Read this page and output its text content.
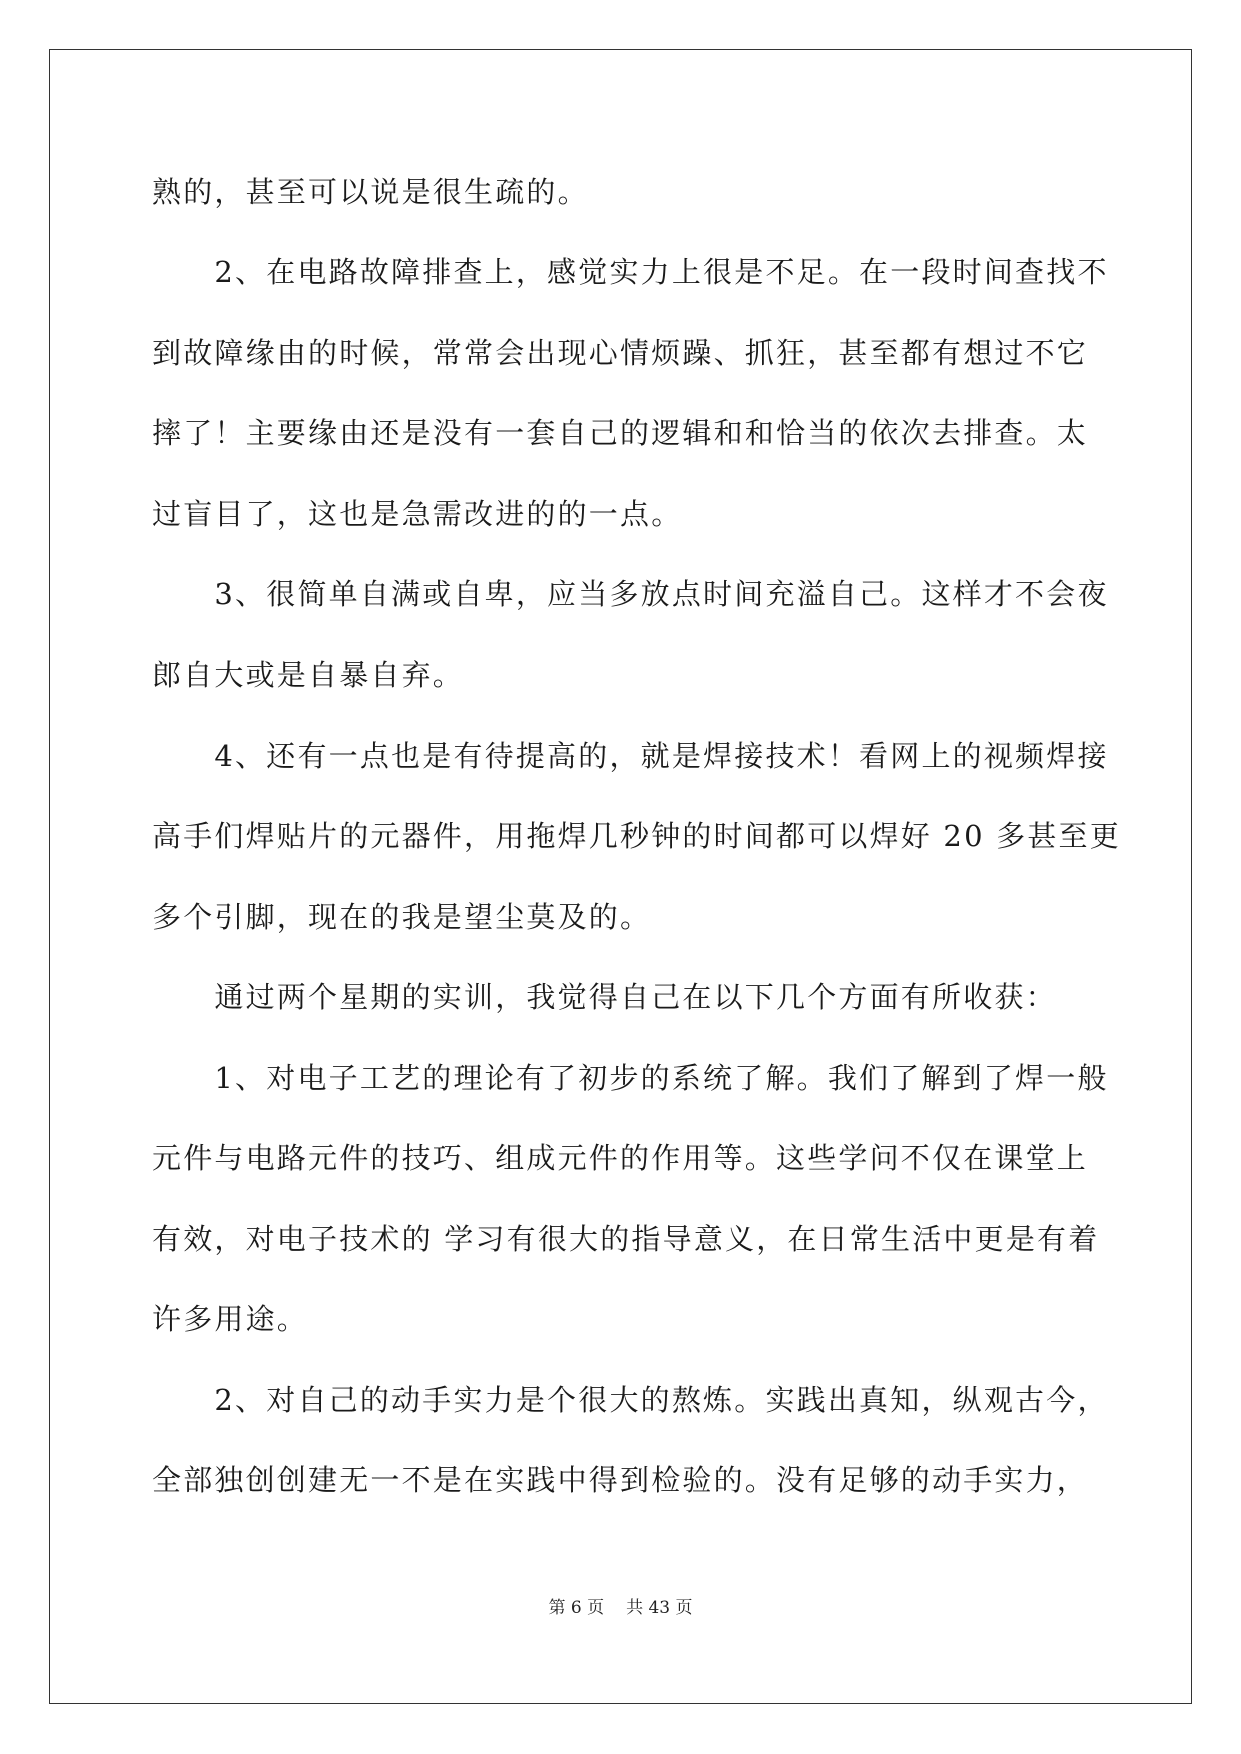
熟的，甚至可以说是很生疏的。
　　2、在电路故障排查上，感觉实力上很是不足。在一段时间查找不
到故障缘由的时候，常常会出现心情烦躁、抓狂，甚至都有想过不它
摔了！主要缘由还是没有一套自己的逻辑和和恰当的依次去排查。太
过盲目了，这也是急需改进的的一点。
　　3、很简单自满或自卑，应当多放点时间充溢自己。这样才不会夜
郎自大或是自暴自弃。
　　4、还有一点也是有待提高的，就是焊接技术！看网上的视频焊接
高手们焊贴片的元器件，用拖焊几秒钟的时间都可以焊好 20 多甚至更
多个引脚，现在的我是望尘莫及的。
　　通过两个星期的实训，我觉得自己在以下几个方面有所收获：
　　1、对电子工艺的理论有了初步的系统了解。我们了解到了焊一般
元件与电路元件的技巧、组成元件的作用等。这些学问不仅在课堂上
有效，对电子技术的 学习有很大的指导意义，在日常生活中更是有着
许多用途。
　　2、对自己的动手实力是个很大的熬炼。实践出真知，纵观古今，
全部独创创建无一不是在实践中得到检验的。没有足够的动手实力，
第 6 页 共 43 页
